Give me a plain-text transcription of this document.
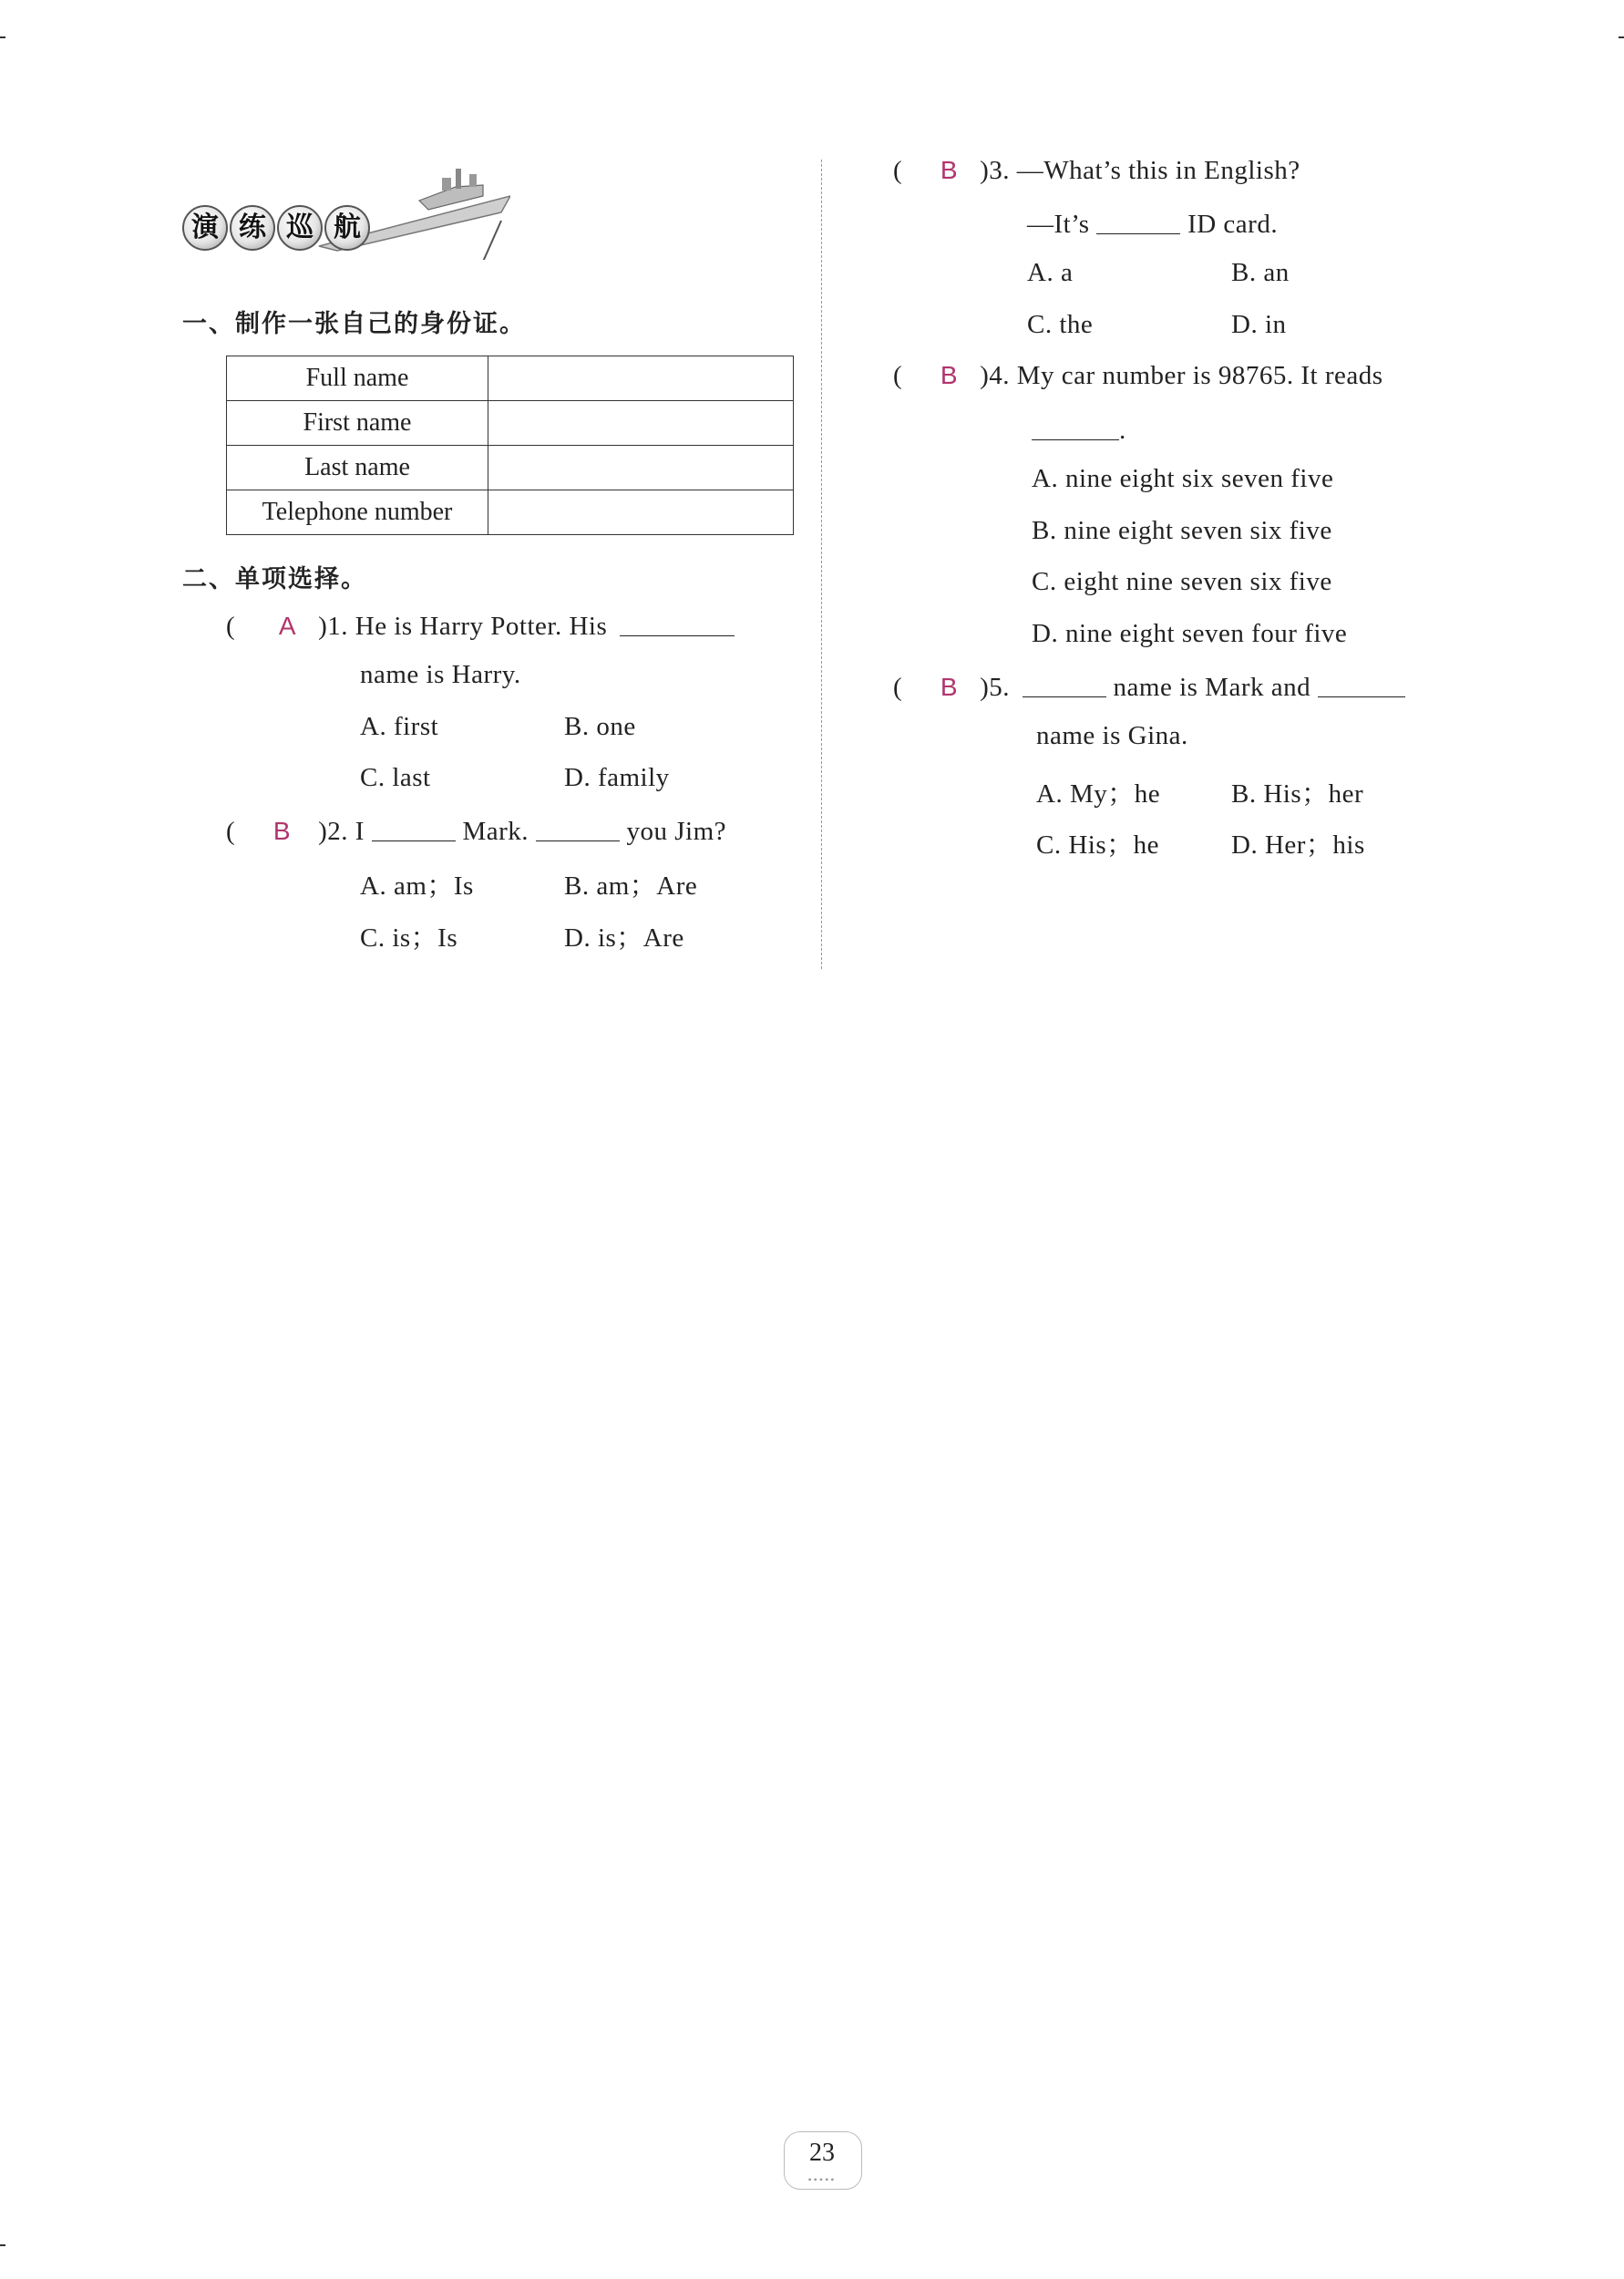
演 练 巡 航
一、制作一张自己的身份证。
Full name	
First name	
Last name	
Telephone number	
二、单项选择。
( A )1. He is Harry Potter. His
name is Harry.
A. first	B. one
C. last	D. family
( B )2. I	Mark.	you Jim?
A. am；Is	B. am；Are
C. is；Is	D. is；Are
( B )3. —What’s this in English?
—It’s	ID card.
A. a	B. an
C. the	D. in
( B )4. My car number is 98765. It reads
.
A. nine eight six seven five
B. nine eight seven six five
C. eight nine seven six five
D. nine eight seven four five
( B )5.	name is Mark and
name is Gina.
A. My；he	B. His；her
C. His；he	D. Her；his
23
•••••
